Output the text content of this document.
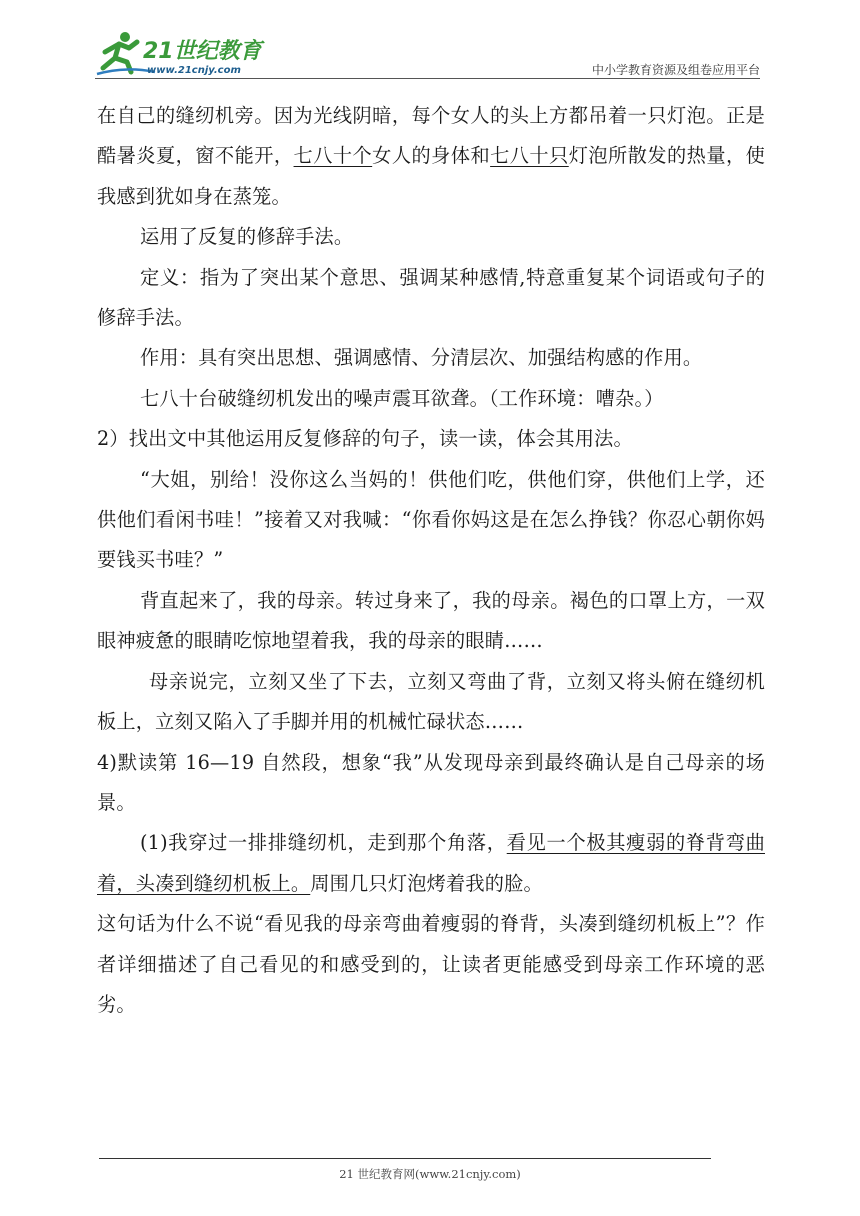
21世纪教育
www.21cnjy.com	中小学教育资源及组卷应用平台

在自己的缝纫机旁。因为光线阴暗，每个女人的头上方都吊着一只灯泡。正是酷暑炎夏，窗不能开，七八十个女人的身体和七八十只灯泡所散发的热量，使我感到犹如身在蒸笼。

运用了反复的修辞手法。

定义：指为了突出某个意思、强调某种感情,特意重复某个词语或句子的修辞手法。

作用：具有突出思想、强调感情、分清层次、加强结构感的作用。

七八十台破缝纫机发出的噪声震耳欲聋。（工作环境：嘈杂。）

2）找出文中其他运用反复修辞的句子，读一读，体会其用法。

“大姐，别给！没你这么当妈的！供他们吃，供他们穿，供他们上学，还供他们看闲书哇！”接着又对我喊：“你看你妈这是在怎么挣钱？你忍心朝你妈要钱买书哇？”

背直起来了，我的母亲。转过身来了，我的母亲。褐色的口罩上方，一双眼神疲惫的眼睛吃惊地望着我，我的母亲的眼睛……

母亲说完，立刻又坐了下去，立刻又弯曲了背，立刻又将头俯在缝纫机板上，立刻又陷入了手脚并用的机械忙碌状态……

4)默读第 16—19 自然段，想象“我”从发现母亲到最终确认是自己母亲的场景。

(1)我穿过一排排缝纫机，走到那个角落，看见一个极其瘦弱的脊背弯曲着，头凑到缝纫机板上。周围几只灯泡烤着我的脸。

这句话为什么不说“看见我的母亲弯曲着瘦弱的脊背，头凑到缝纫机板上”？作者详细描述了自己看见的和感受到的，让读者更能感受到母亲工作环境的恶劣。

21 世纪教育网(www.21cnjy.com)
